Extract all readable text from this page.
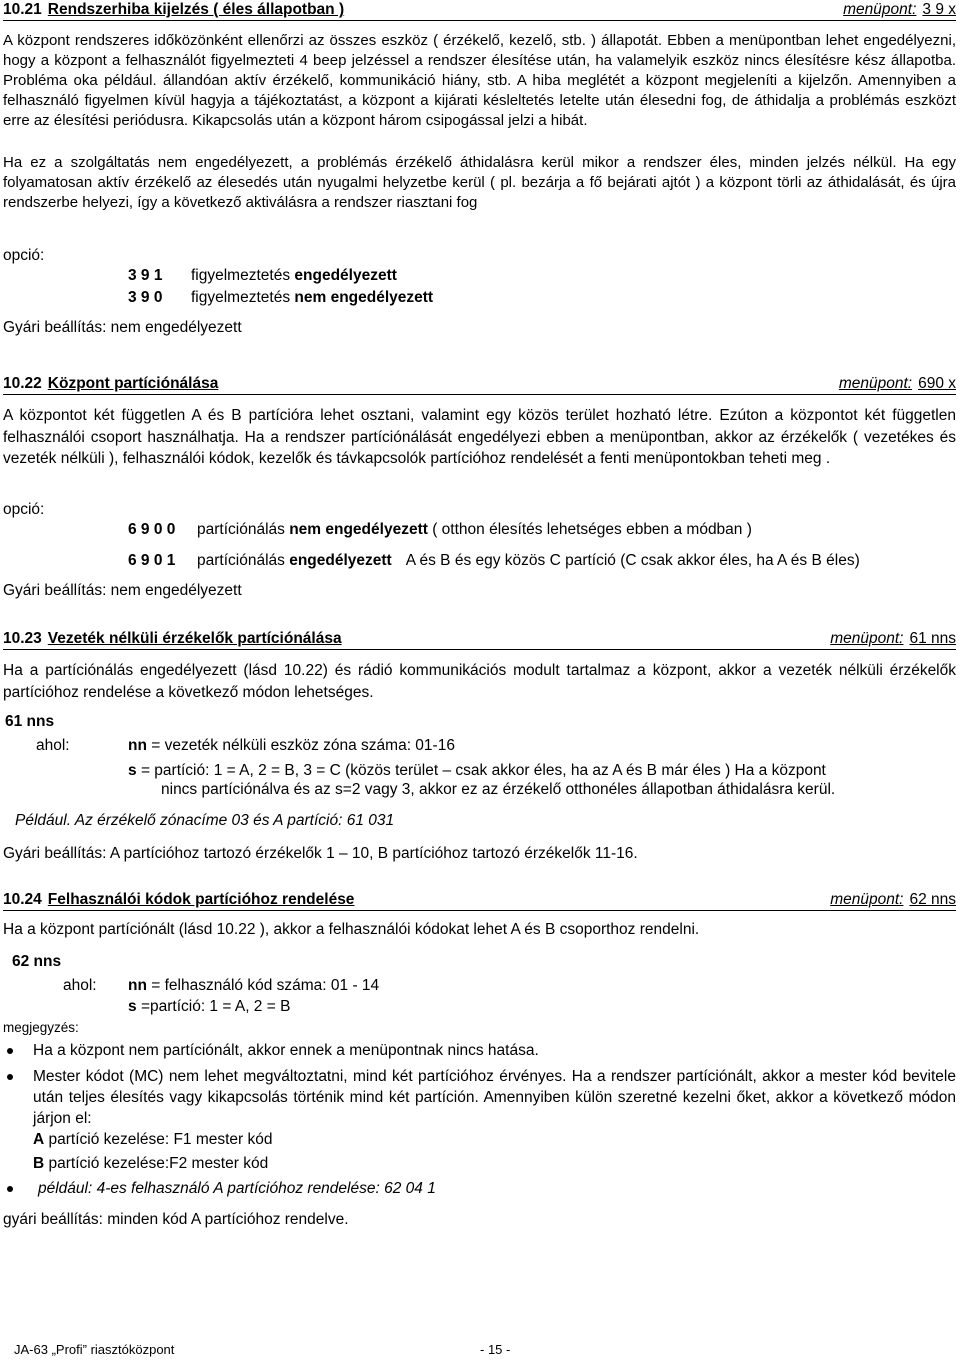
10.21 Rendszerhiba kijelzés ( éles állapotban )	menüpont: 3 9 x
A központ rendszeres időközönként ellenőrzi az összes eszköz ( érzékelő, kezelő, stb. ) állapotát. Ebben a menüpontban lehet engedélyezni, hogy a központ a felhasználót figyelmezteti 4 beep jelzéssel a rendszer élesítése után, ha valamelyik eszköz nincs élesítésre kész állapotba. Probléma oka például. állandóan aktív érzékelő, kommunikáció hiány, stb. A hiba meglétét a központ megjeleníti a kijelzőn. Amennyiben a felhasználó figyelmen kívül hagyja a tájékoztatást, a központ a kijárati késleltetés letelte után élesedni fog, de áthidalja a problémás eszközt erre az élesítési periódusra. Kikapcsolás után a központ három csipogással jelzi a hibát.
Ha ez a szolgáltatás nem engedélyezett, a problémás érzékelő áthidalásra kerül mikor a rendszer éles, minden jelzés nélkül. Ha egy folyamatosan aktív érzékelő az élesedés után nyugalmi helyzetbe kerül ( pl. bezárja a fő bejárati ajtót ) a központ törli az áthidalását, és újra rendszerbe helyezi, így a következő aktiválásra a rendszer riasztani fog
opció:
3 9 1 figyelmeztetés engedélyezett
3 9 0 figyelmeztetés nem engedélyezett
Gyári beállítás: nem engedélyezett
10.22 Központ partíciónálása	menüpont: 690 x
A központot két független A és B partícióra lehet osztani, valamint egy közös terület hozható létre. Ezúton a központot két független felhasználói csoport használhatja. Ha a rendszer partíciónálását engedélyezi ebben a menüpontban, akkor az érzékelők ( vezetékes és vezeték nélküli ), felhasználói kódok, kezelők és távkapcsolók partícióhoz rendelését a fenti menüpontokban teheti meg .
opció:
6 9 0 0 partíciónálás nem engedélyezett ( otthon élesítés lehetséges ebben a módban )
6 9 0 1 partíciónálás engedélyezett A és B és egy közös C partíció (C csak akkor éles, ha A és B éles)
Gyári beállítás: nem engedélyezett
10.23 Vezeték nélküli érzékelők partíciónálása	menüpont: 61 nns
Ha a partíciónálás engedélyezett (lásd 10.22) és rádió kommunikációs modult tartalmaz a központ, akkor a vezeték nélküli érzékelők partícióhoz rendelése a következő módon lehetséges.
61 nns
ahol:	nn = vezeték nélküli eszköz zóna száma: 01-16
s = partíció: 1 = A, 2 = B, 3 = C (közös terület – csak akkor éles, ha az A és B már éles ) Ha a központ
nincs partíciónálva és az s=2 vagy 3, akkor ez az érzékelő otthonéles állapotban áthidalásra kerül.
Például. Az érzékelő zónacíme 03 és A partíció: 61 031
Gyári beállítás: A partícióhoz tartozó érzékelők 1 – 10, B partícióhoz tartozó érzékelők 11-16.
10.24 Felhasználói kódok partícióhoz rendelése	menüpont: 62 nns
Ha a központ partíciónált (lásd 10.22 ), akkor a felhasználói kódokat lehet A és B csoporthoz rendelni.
62 nns
ahol: nn = felhasználó kód száma: 01 - 14
s =partíció: 1 = A, 2 = B
megjegyzés:
Ha a központ nem partíciónált, akkor ennek a menüpontnak nincs hatása.
Mester kódot (MC) nem lehet megváltoztatni, mind két partícióhoz érvényes. Ha a rendszer partíciónált, akkor a mester kód bevitele után teljes élesítés vagy kikapcsolás történik mind két partíción. Amennyiben külön szeretné kezelni őket, akkor a következő módon járjon el:
A partíció kezelése: F1 mester kód
B partíció kezelése:F2 mester kód
például: 4-es felhasználó A partícióhoz rendelése: 62 04 1
gyári beállítás: minden kód A partícióhoz rendelve.
JA-63 „Profi” riasztóközpont	- 15 -
